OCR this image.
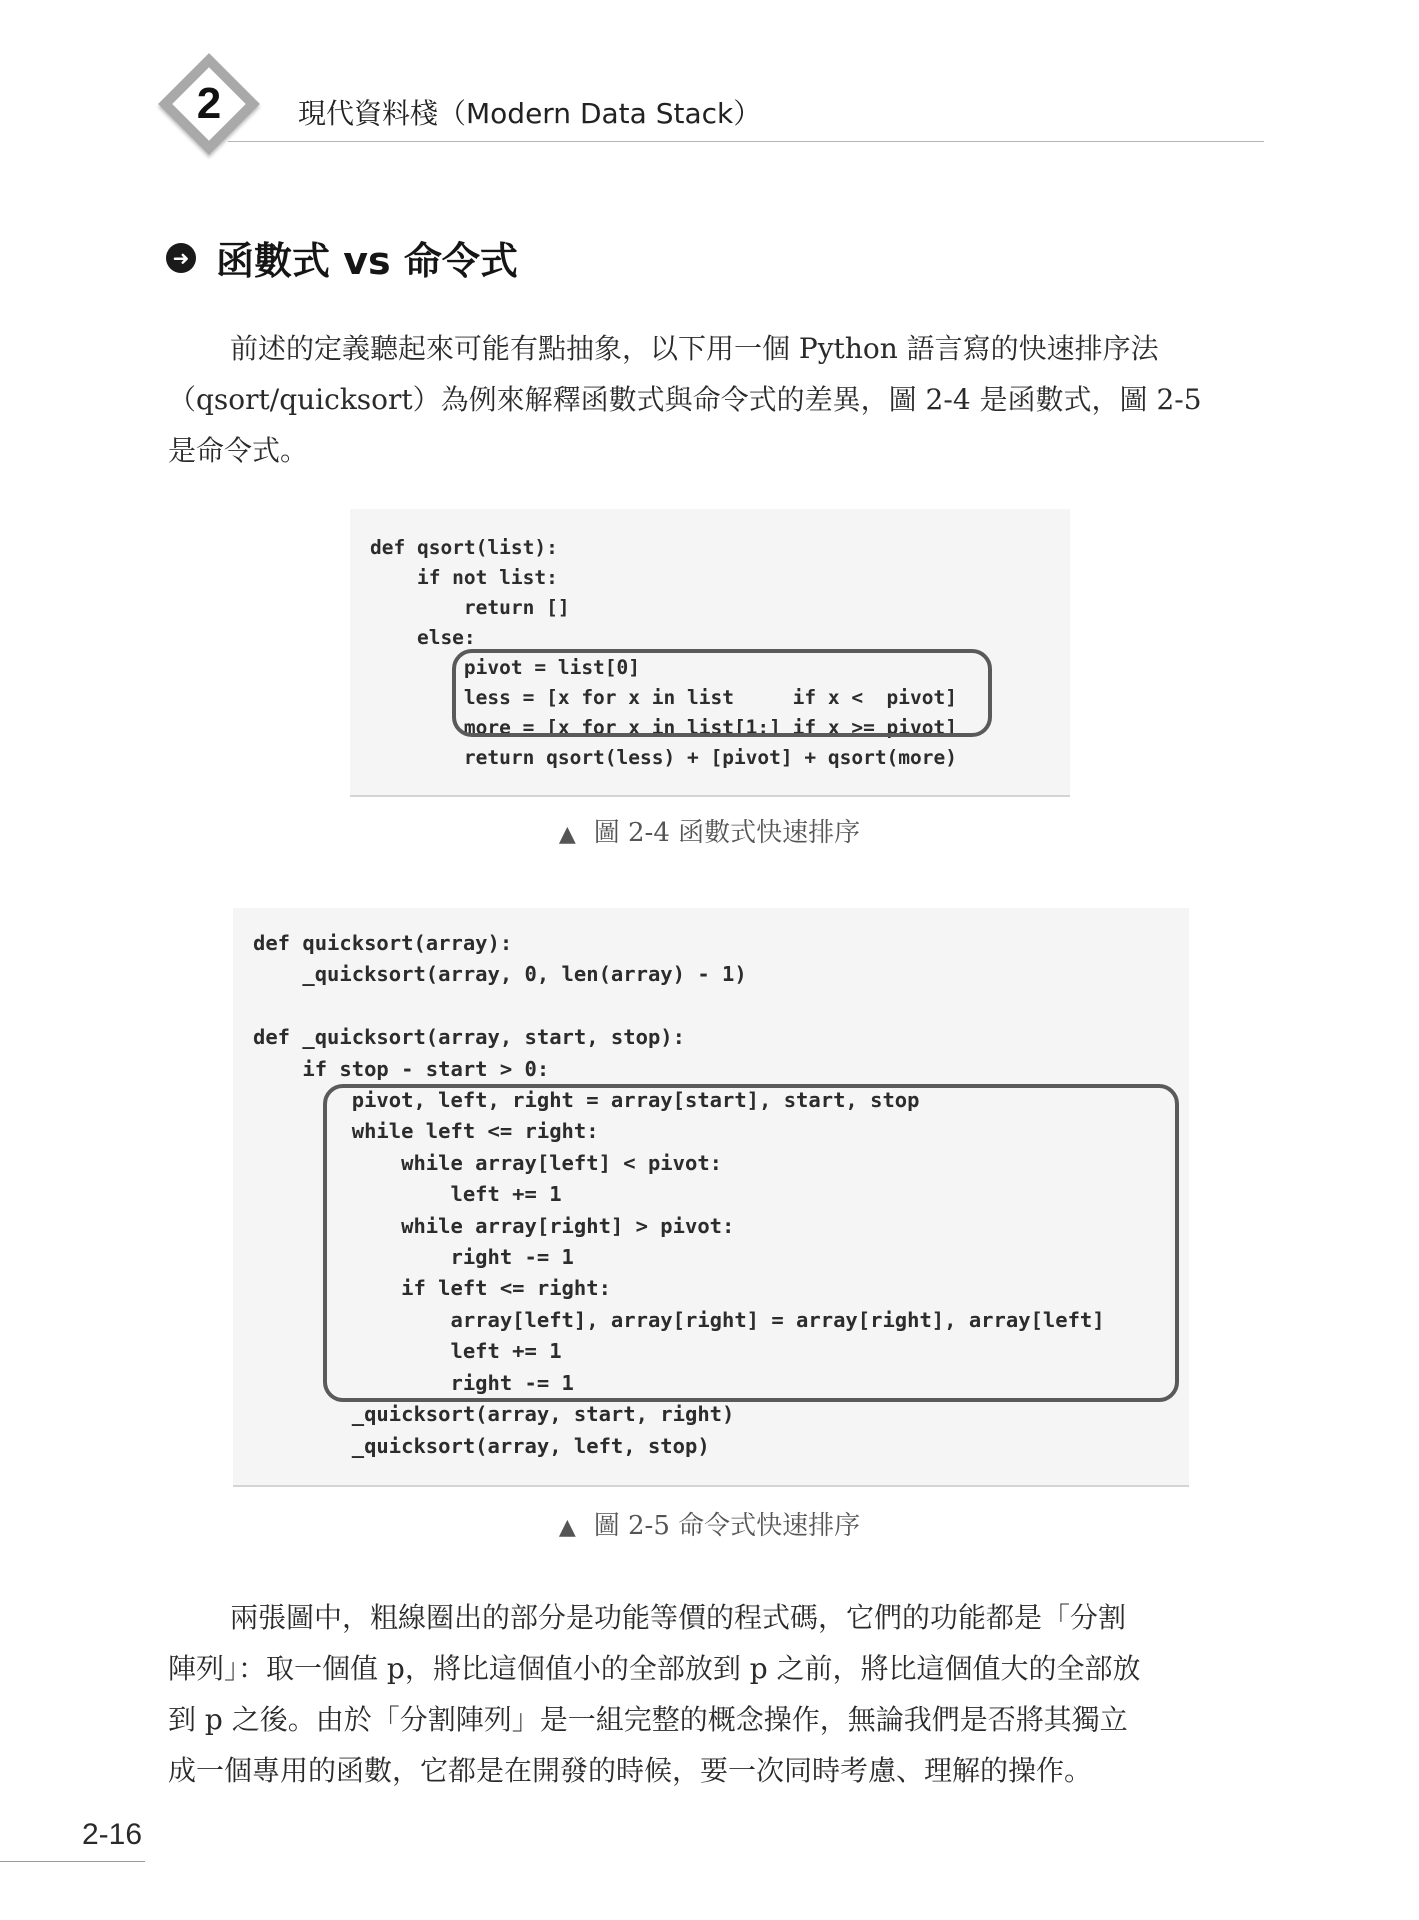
2	現代資料棧（Modern Data Stack）
➜ 函數式 vs 命令式
前述的定義聽起來可能有點抽象，以下用一個 Python 語言寫的快速排序法
（qsort/quicksort）為例來解釋函數式與命令式的差異，圖 2-4 是函數式，圖 2-5
是命令式。
def qsort(list):
if not list:
return []
else:
pivot = list[0]
less = [x for x in list     if x <  pivot]
more = [x for x in list[1:] if x >= pivot]
return qsort(less) + [pivot] + qsort(more)
▲ 圖 2-4 函數式快速排序
def quicksort(array):
_quicksort(array, 0, len(array) - 1)

def _quicksort(array, start, stop):
if stop - start > 0:
pivot, left, right = array[start], start, stop
while left <= right:
while array[left] < pivot:
left += 1
while array[right] > pivot:
right -= 1
if left <= right:
array[left], array[right] = array[right], array[left]
left += 1
right -= 1
_quicksort(array, start, right)
_quicksort(array, left, stop)
▲ 圖 2-5 命令式快速排序
兩張圖中，粗線圈出的部分是功能等價的程式碼，它們的功能都是「分割
陣列」：取一個值 p，將比這個值小的全部放到 p 之前，將比這個值大的全部放
到 p 之後。由於「分割陣列」是一組完整的概念操作，無論我們是否將其獨立
成一個專用的函數，它都是在開發的時候，要一次同時考慮、理解的操作。
2-16
